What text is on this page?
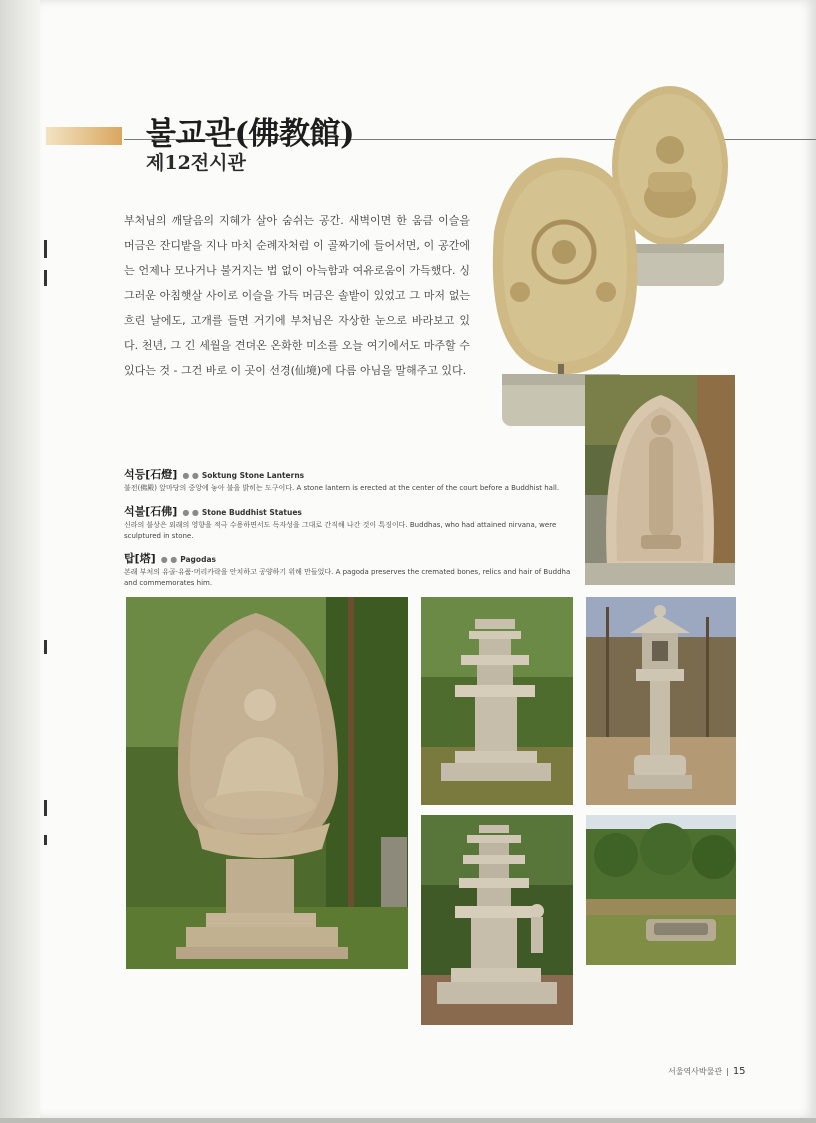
불교관(佛教館)
제12전시관

부처님의 깨달음의 지혜가 살아 숨쉬는 공간. 새벽이면 한 움큼 이슬을 머금은 잔디밭을 지나 마치 순례자처럼 이 골짜기에 들어서면, 이 공간에는 언제나 모나거나 불거지는 법 없이 아늑함과 여유로움이 가득했다. 싱그러운 아침햇살 사이로 이슬을 가득 머금은 솔밭이 있었고 그 마저 없는 흐린 날에도, 고개를 들면 거기에 부처님은 자상한 눈으로 바라보고 있다. 천년, 그 긴 세월을 견뎌온 온화한 미소를 오늘 여기에서도 마주할 수 있다는 것 - 그건 바로 이 곳이 선경(仙境)에 다름 아님을 말해주고 있다.

석등[石燈] ● ● Soktung Stone Lanterns
불전(佛殿) 앞마당의 중앙에 놓아 불을 밝히는 도구이다. A stone lantern is erected at the center of the court before a Buddhist hall.
석불[石佛] ● ● Stone Buddhist Statues
신라의 불상은 외래의 영향을 적극 수용하면서도 독자성을 그대로 간직해 나간 것이 특징이다. Buddhas, who had attained nirvana, were sculptured in stone.
탑[塔] ● ● Pagodas
본래 부처의 유골·유품·머리카락을 안치하고 공양하기 위해 만들었다. A pagoda preserves the cremated bones, relics and hair of Buddha and commemorates him.
서울역사박물관 | 15
